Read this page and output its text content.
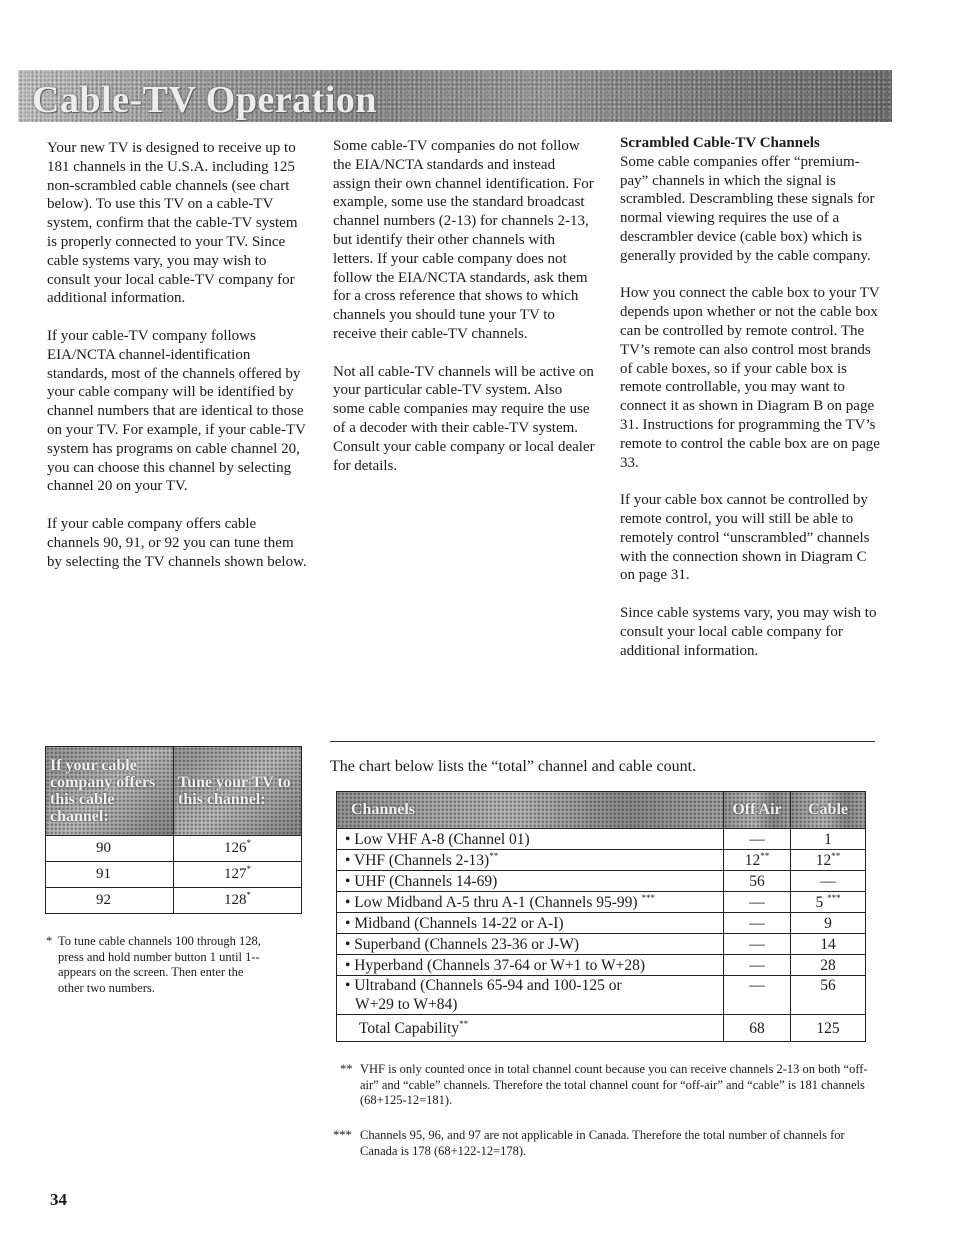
Cable-TV Operation

Your new TV is designed to receive up to 181 channels in the U.S.A. including 125 non-scrambled cable channels (see chart below). To use this TV on a cable-TV system, confirm that the cable-TV system is properly connected to your TV. Since cable systems vary, you may wish to consult your local cable-TV company for additional information.

If your cable-TV company follows EIA/NCTA channel-identification standards, most of the channels offered by your cable company will be identified by channel numbers that are identical to those on your TV. For example, if your cable-TV system has programs on cable channel 20, you can choose this channel by selecting channel 20 on your TV.

If your cable company offers cable channels 90, 91, or 92 you can tune them by selecting the TV channels shown below.

Some cable-TV companies do not follow the EIA/NCTA standards and instead assign their own channel identification. For example, some use the standard broadcast channel numbers (2-13) for channels 2-13, but identify their other channels with letters. If your cable company does not follow the EIA/NCTA standards, ask them for a cross reference that shows to which channels you should tune your TV to receive their cable-TV channels.

Not all cable-TV channels will be active on your particular cable-TV system. Also some cable companies may require the use of a decoder with their cable-TV system. Consult your cable company or local dealer for details.

Scrambled Cable-TV Channels

Some cable companies offer “premium-pay” channels in which the signal is scrambled. Descrambling these signals for normal viewing requires the use of a descrambler device (cable box) which is generally provided by the cable company.

How you connect the cable box to your TV depends upon whether or not the cable box can be controlled by remote control. The TV’s remote can also control most brands of cable boxes, so if your cable box is remote controllable, you may want to connect it as shown in Diagram B on page 31. Instructions for programming the TV’s remote to control the cable box are on page 33.

If your cable box cannot be controlled by remote control, you will still be able to remotely control “unscrambled” channels with the connection shown in Diagram C on page 31.

Since cable systems vary, you may wish to consult your local cable company for additional information.

If your cable company offers this cable channel:	Tune your TV to this channel:
90	126*
91	127*
92	128*
* To tune cable channels 100 through 128, press and hold number button 1 until 1-- appears on the screen. Then enter the other two numbers.
The chart below lists the “total” channel and cable count.
Channels	Off Air	Cable
• Low VHF A-8 (Channel 01)	—	1
• VHF (Channels 2-13)**	12**	12**
• UHF (Channels 14-69)	56	—
• Low Midband A-5 thru A-1 (Channels 95-99) ***	—	5 ***
• Midband (Channels 14-22 or A-I)	—	9
• Superband (Channels 23-36 or J-W)	—	14
• Hyperband (Channels 37-64 or W+1 to W+28)	—	28

• Ultraband (Channels 65-94 and 100-125 or
W+29 to W+84)	—	56
Total Capability**	68	125
** VHF is only counted once in total channel count because you can receive channels 2-13 on both “off-air” and “cable” channels. Therefore the total channel count for “off-air” and “cable” is 181 channels (68+125-12=181).
*** Channels 95, 96, and 97 are not applicable in Canada. Therefore the total number of channels for Canada is 178 (68+122-12=178).
34
